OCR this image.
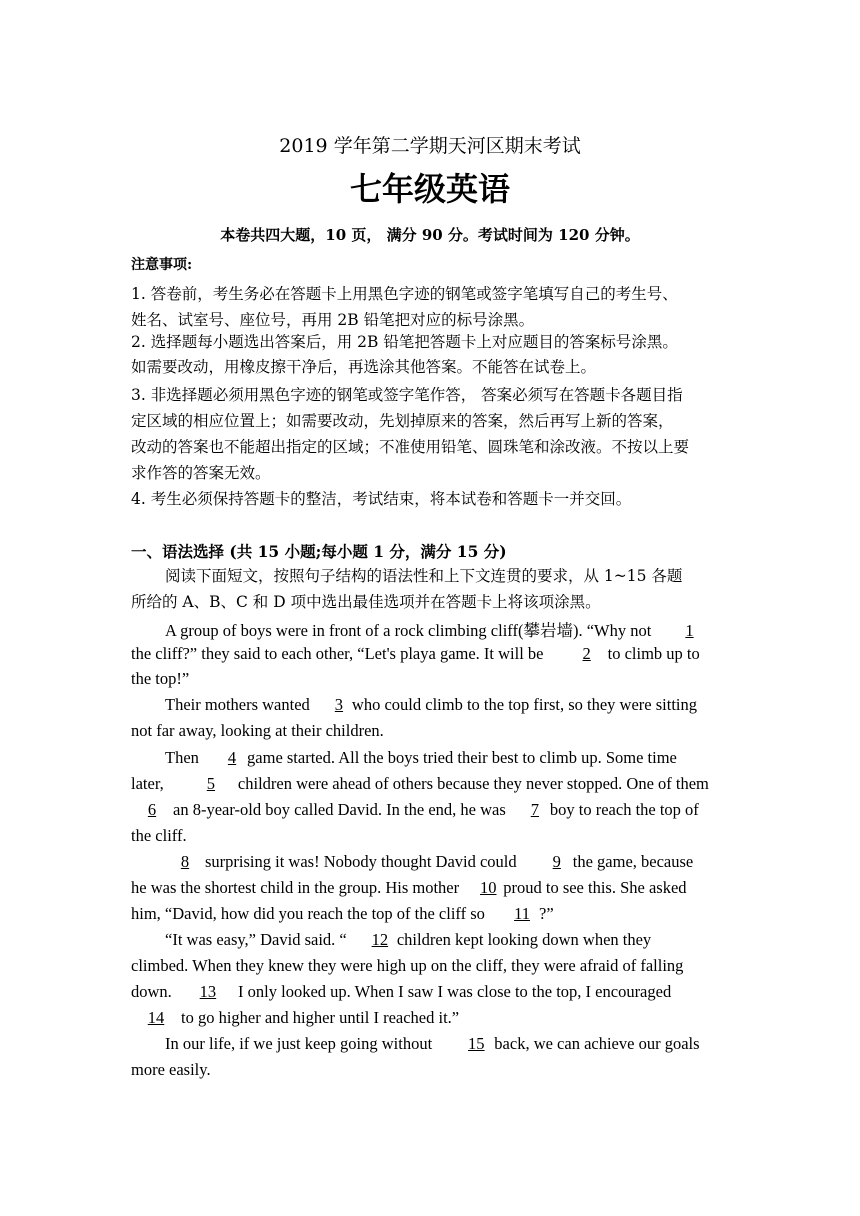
2019 学年第二学期天河区期末考试
七年级英语
本卷共四大题，10 页， 满分 90 分。考试时间为 120 分钟。
注意事项:
1. 答卷前，考生务必在答题卡上用黑色字迹的钢笔或签字笔填写自己的考生号、
姓名、试室号、座位号，再用 2B 铅笔把对应的标号涂黑。
2. 选择题每小题选出答案后，用 2B 铅笔把答题卡上对应题目的答案标号涂黑。
如需要改动，用橡皮擦干净后，再选涂其他答案。不能答在试卷上。
3. 非选择题必须用黑色字迹的钢笔或签字笔作答， 答案必须写在答题卡各题目指
定区域的相应位置上；如需要改动，先划掉原来的答案，然后再写上新的答案，
改动的答案也不能超出指定的区域；不准使用铅笔、圆珠笔和涂改液。不按以上要
求作答的答案无效。
4. 考生必须保持答题卡的整洁，考试结束，将本试卷和答题卡一并交回。
一、语法选择 (共 15 小题;每小题 1 分，满分 15 分)
阅读下面短文，按照句子结构的语法性和上下文连贯的要求，从 1~15 各题
所给的 A、B、C 和 D 项中选出最佳选项并在答题卡上将该项涂黑。
A group of boys were in front of a rock climbing cliff(攀岩墙). “Why not 1
the cliff?” they said to each other, “Let's playa game. It will be 2 to climb up to
the top!”
Their mothers wanted 3 who could climb to the top first, so they were sitting
not far away, looking at their children.
Then 4 game started. All the boys tried their best to climb up. Some time
later,	5 children were ahead of others because they never stopped. One of them
6 an 8-year-old boy called David. In the end, he was 7 boy to reach the top of
the cliff.
8 surprising it was! Nobody thought David could 9 the game, because
he was the shortest child in the group. His mother 10 proud to see this. She asked
him, “David, how did you reach the top of the cliff so 11 ?”
“It was easy,” David said. “ 12 children kept looking down when they
climbed. When they knew they were high up on the cliff, they were afraid of falling
down. 13 I only looked up. When I saw I was close to the top, I encouraged
14 to go higher and higher until I reached it.”
In our life, if we just keep going without 15 back, we can achieve our goals
more easily.
